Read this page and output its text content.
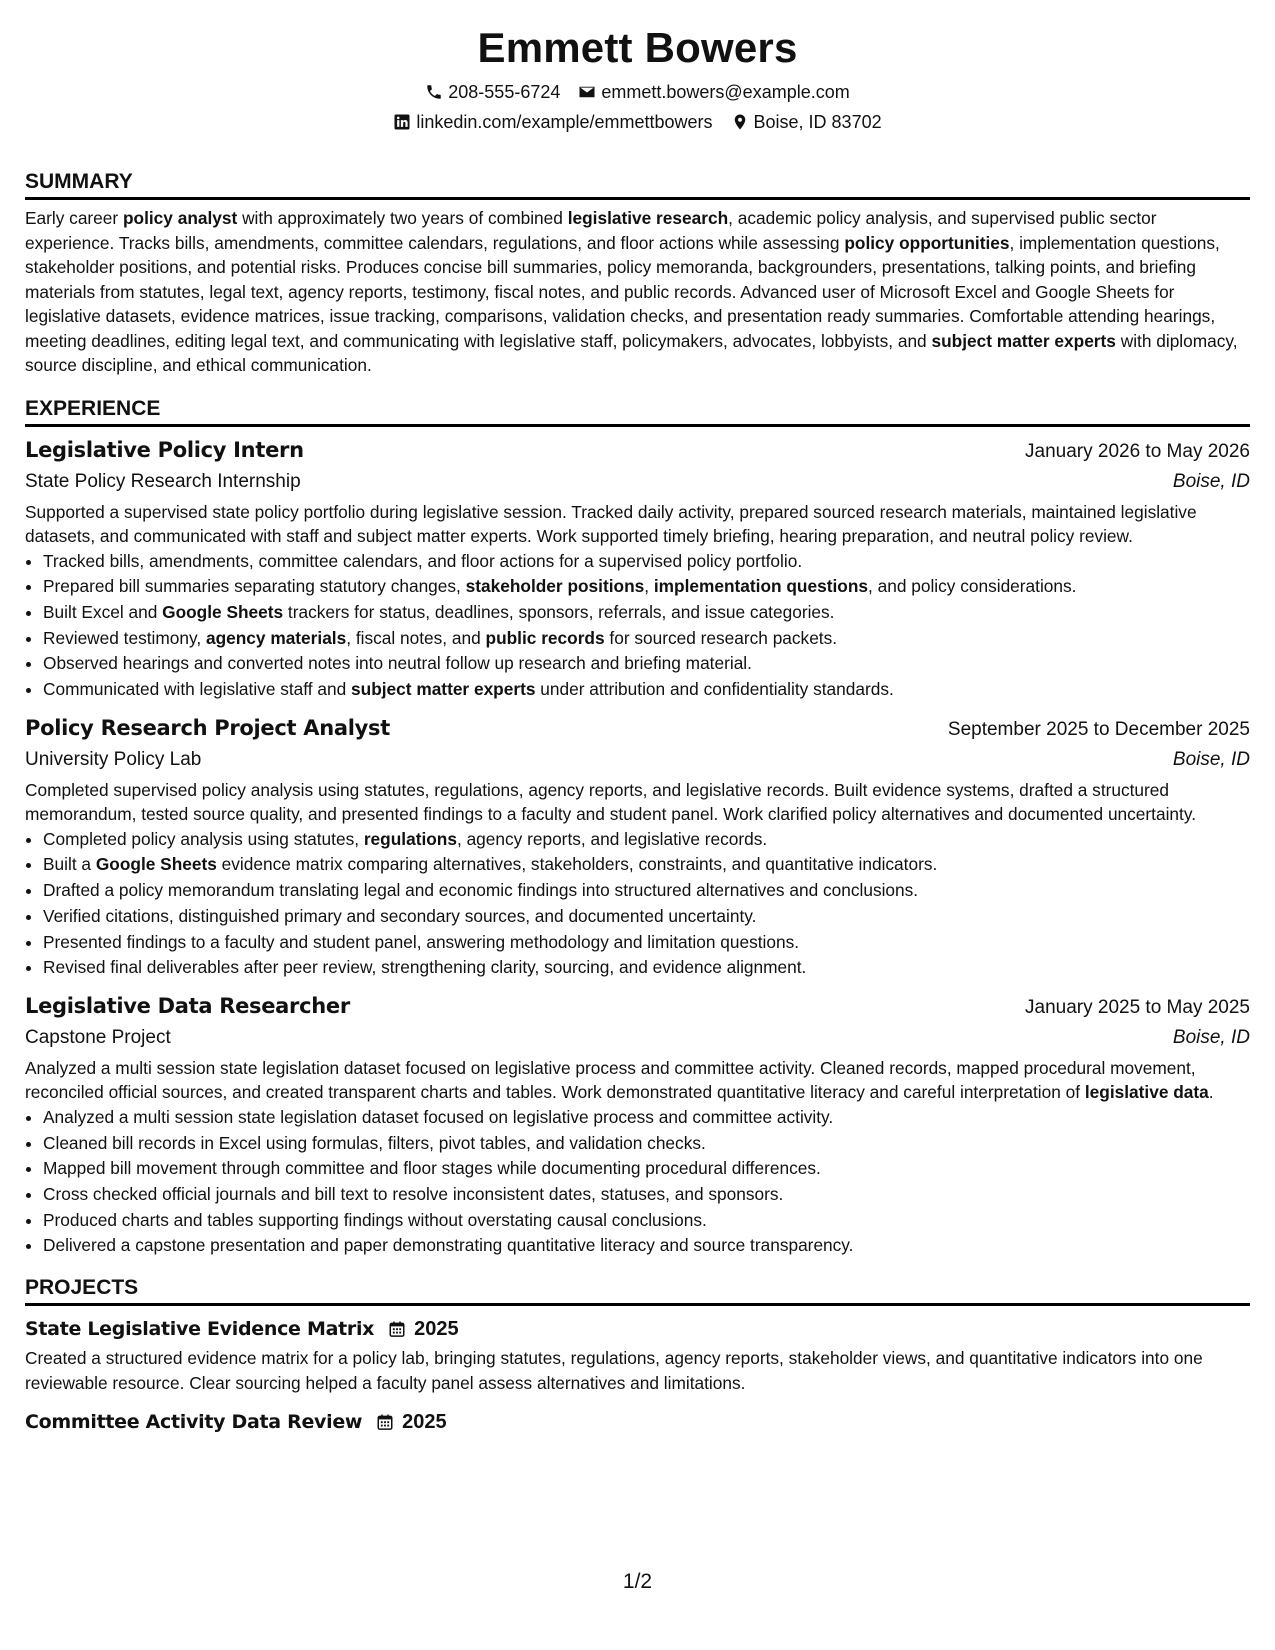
Emmett Bowers
208-555-6724 emmett.bowers@example.com
linkedin.com/example/emmettbowers Boise, ID 83702
SUMMARY

Early career policy analyst with approximately two years of combined legislative research, academic policy analysis, and supervised public sector experience. Tracks bills, amendments, committee calendars, regulations, and floor actions while assessing policy opportunities, implementation questions, stakeholder positions, and potential risks. Produces concise bill summaries, policy memoranda, backgrounders, presentations, talking points, and briefing materials from statutes, legal text, agency reports, testimony, fiscal notes, and public records. Advanced user of Microsoft Excel and Google Sheets for legislative datasets, evidence matrices, issue tracking, comparisons, validation checks, and presentation ready summaries. Comfortable attending hearings, meeting deadlines, editing legal text, and communicating with legislative staff, policymakers, advocates, lobbyists, and subject matter experts with diplomacy, source discipline, and ethical communication.

EXPERIENCE
Legislative Policy Intern	January 2026 to May 2026
State Policy Research Internship	Boise, ID

Supported a supervised state policy portfolio during legislative session. Tracked daily activity, prepared sourced research materials, maintained legislative datasets, and communicated with staff and subject matter experts. Work supported timely briefing, hearing preparation, and neutral policy review.

• Tracked bills, amendments, committee calendars, and floor actions for a supervised policy portfolio.
• Prepared bill summaries separating statutory changes, stakeholder positions, implementation questions, and policy considerations.
• Built Excel and Google Sheets trackers for status, deadlines, sponsors, referrals, and issue categories.
• Reviewed testimony, agency materials, fiscal notes, and public records for sourced research packets.
• Observed hearings and converted notes into neutral follow up research and briefing material.
• Communicated with legislative staff and subject matter experts under attribution and confidentiality standards.
Policy Research Project Analyst	September 2025 to December 2025
University Policy Lab	Boise, ID

Completed supervised policy analysis using statutes, regulations, agency reports, and legislative records. Built evidence systems, drafted a structured memorandum, tested source quality, and presented findings to a faculty and student panel. Work clarified policy alternatives and documented uncertainty.

• Completed policy analysis using statutes, regulations, agency reports, and legislative records.
• Built a Google Sheets evidence matrix comparing alternatives, stakeholders, constraints, and quantitative indicators.
• Drafted a policy memorandum translating legal and economic findings into structured alternatives and conclusions.
• Verified citations, distinguished primary and secondary sources, and documented uncertainty.
• Presented findings to a faculty and student panel, answering methodology and limitation questions.
• Revised final deliverables after peer review, strengthening clarity, sourcing, and evidence alignment.
Legislative Data Researcher	January 2025 to May 2025
Capstone Project	Boise, ID

Analyzed a multi session state legislation dataset focused on legislative process and committee activity. Cleaned records, mapped procedural movement, reconciled official sources, and created transparent charts and tables. Work demonstrated quantitative literacy and careful interpretation of legislative data.

• Analyzed a multi session state legislation dataset focused on legislative process and committee activity.
• Cleaned bill records in Excel using formulas, filters, pivot tables, and validation checks.
• Mapped bill movement through committee and floor stages while documenting procedural differences.
• Cross checked official journals and bill text to resolve inconsistent dates, statuses, and sponsors.
• Produced charts and tables supporting findings without overstating causal conclusions.
• Delivered a capstone presentation and paper demonstrating quantitative literacy and source transparency.
PROJECTS
State Legislative Evidence Matrix 2025

Created a structured evidence matrix for a policy lab, bringing statutes, regulations, agency reports, stakeholder views, and quantitative indicators into one reviewable resource. Clear sourcing helped a faculty panel assess alternatives and limitations.

Committee Activity Data Review 2025
1/2
